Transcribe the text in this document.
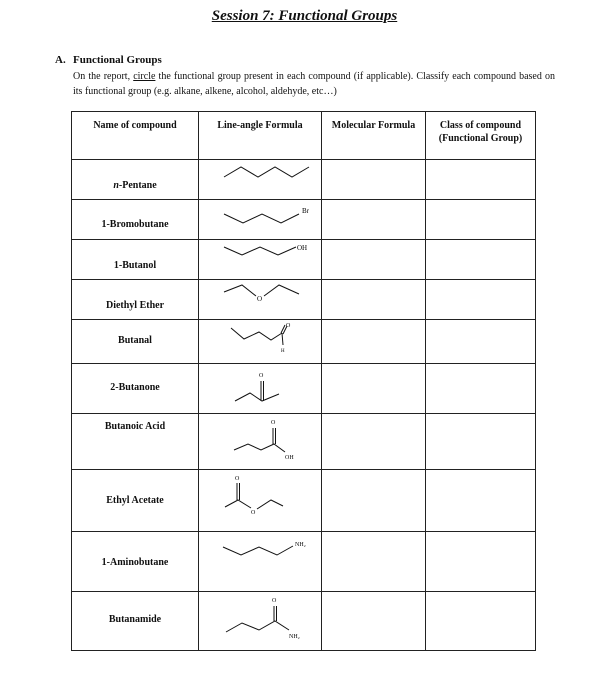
Session 7: Functional Groups
A. Functional Groups
On the report, circle the functional group present in each compound (if applicable). Classify each compound based on its functional group (e.g. alkane, alkene, alcohol, aldehyde, etc…)
Name of compound	Line-angle Formula	Molecular Formula	Class of compound (Functional Group)

n-Pentane

1-Bromobutane	Br		

1-Butanol	OH		

Diethyl Ether	O		

Butanal	O
H		

2-Butanone	O		

Butanoic Acid	O
OH		

Ethyl Acetate	O
O		

1-Aminobutane	NH₂		

Butanamide	O
NH₂		
